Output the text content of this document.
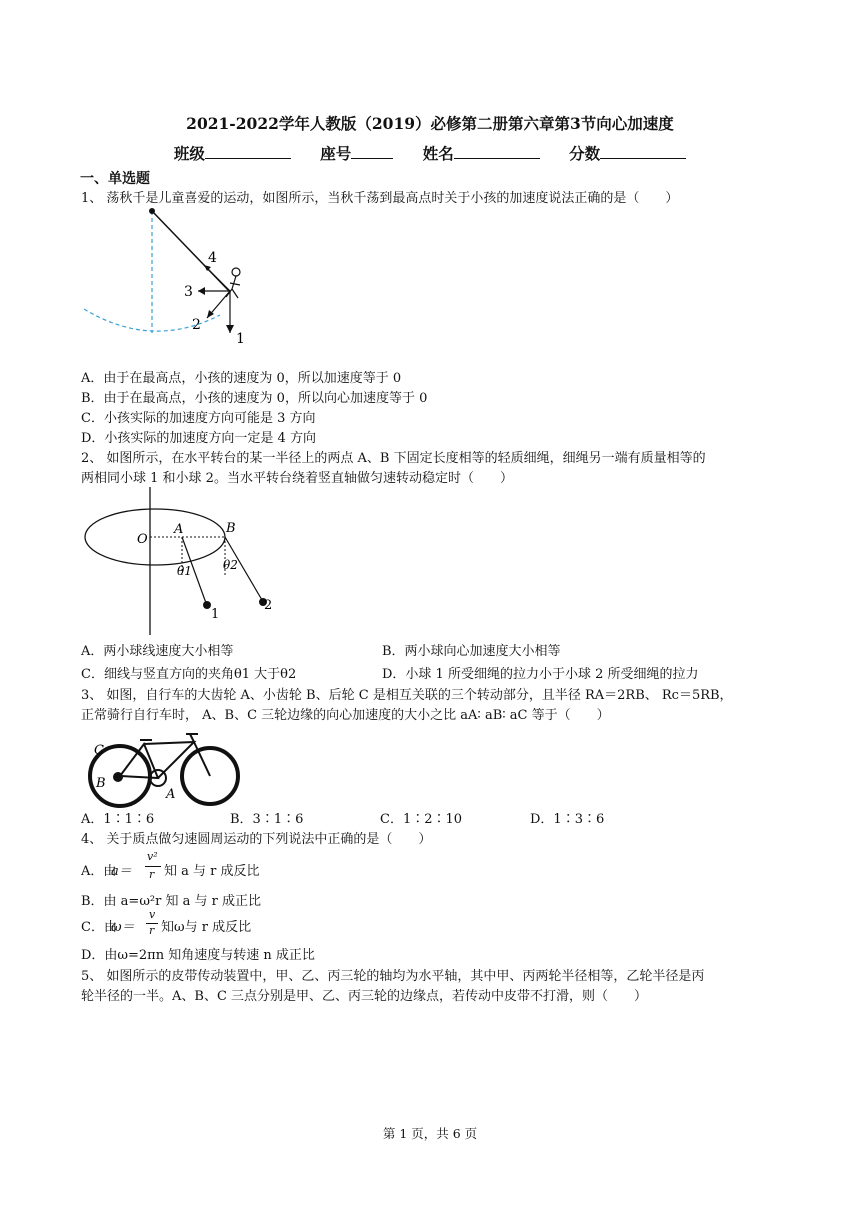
2021-2022学年人教版（2019）必修第二册第六章第3节向心加速度
班级	座号	姓名	分数
一、单选题
1、 荡秋千是儿童喜爱的运动，如图所示，当秋千荡到最高点时关于小孩的加速度说法正确的是（　　）
4
3
2
1
A．由于在最高点，小孩的速度为 0，所以加速度等于 0
B．由于在最高点，小孩的速度为 0，所以向心加速度等于 0
C．小孩实际的加速度方向可能是 3 方向
D．小孩实际的加速度方向一定是 4 方向
2、 如图所示，在水平转台的某一半径上的两点 A、B 下固定长度相等的轻质细绳，细绳另一端有质量相等的
两相同小球 1 和小球 2。当水平转台绕着竖直轴做匀速转动稳定时（　　）
O
A	B
θ1	θ2
1
2
A．两小球线速度大小相等	B．两小球向心加速度大小相等
C．细线与竖直方向的夹角θ1 大于θ2	D．小球 1 所受细绳的拉力小于小球 2 所受细绳的拉力
3、 如图，自行车的大齿轮 A、小齿轮 B、后轮 C 是相互关联的三个转动部分，且半径 RA＝2RB、 Rc＝5RB，
正常骑行自行车时， A、B、C 三轮边缘的向心加速度的大小之比 aA∶ aB∶ aC 等于（　　）
C
B
A
A．1∶1∶6	B．3∶1∶6	C．1∶2∶10	D．1∶3∶6
4、 关于质点做匀速圆周运动的下列说法中正确的是（　　）
A．由
a＝
v²
r 知 a 与 r 成反比
B．由 a=ω²r 知 a 与 r 成正比
C．由
ω＝
v
r 知ω与 r 成反比
D．由ω=2πn 知角速度与转速 n 成正比
5、 如图所示的皮带传动装置中，甲、乙、丙三轮的轴均为水平轴，其中甲、丙两轮半径相等，乙轮半径是丙
轮半径的一半。A、B、C 三点分别是甲、乙、丙三轮的边缘点，若传动中皮带不打滑，则（　　）
第 1 页，共 6 页
